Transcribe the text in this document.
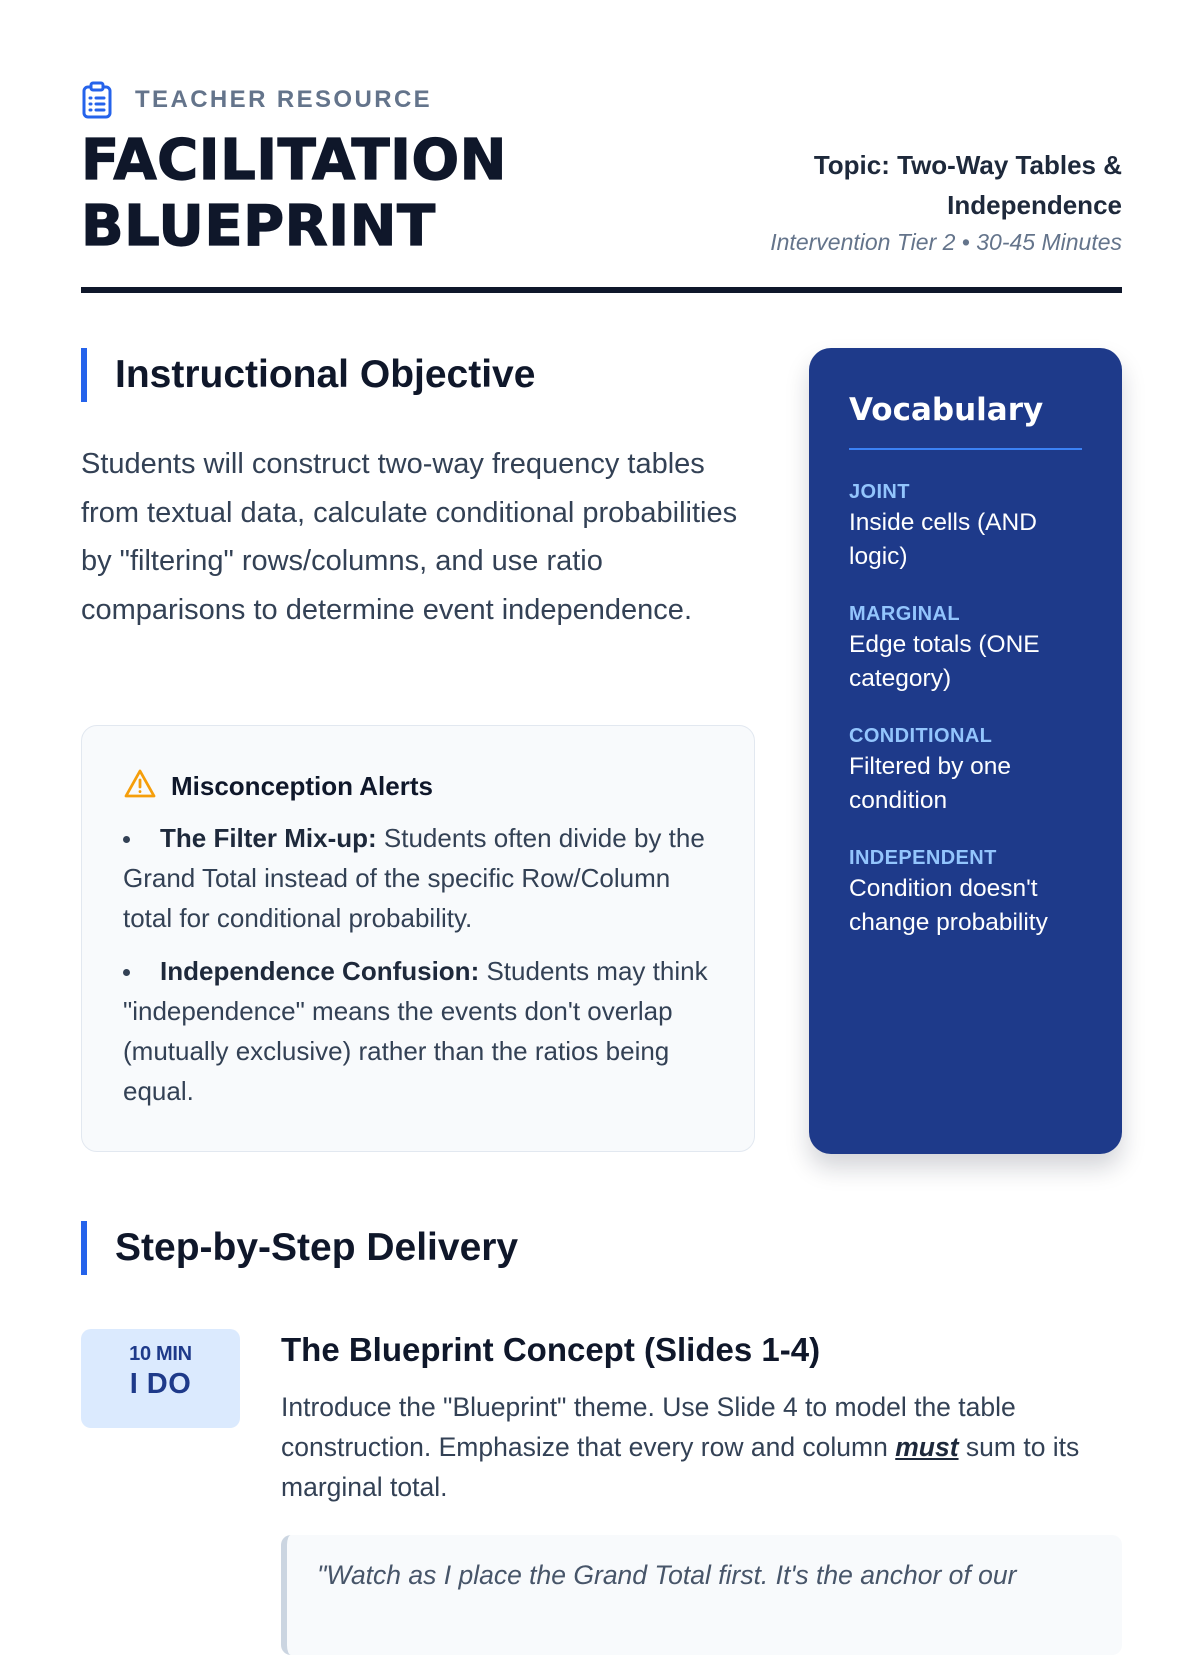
TEACHER RESOURCE
FACILITATION
BLUEPRINT
Topic: Two-Way Tables &
Independence
Intervention Tier 2 • 30-45 Minutes
Instructional Objective

Students will construct two-way frequency tables from textual data, calculate conditional probabilities by "filtering" rows/columns, and use ratio comparisons to determine event independence.

Misconception Alerts
The Filter Mix-up: Students often divide by the Grand Total instead of the specific Row/Column total for conditional probability.
Independence Confusion: Students may think "independence" means the events don't overlap (mutually exclusive) rather than the ratios being equal.
Vocabulary
JOINT
Inside cells (AND logic)
MARGINAL
Edge totals (ONE category)
CONDITIONAL
Filtered by one condition
INDEPENDENT
Condition doesn't change probability
Step-by-Step Delivery
10 MIN
I DO
The Blueprint Concept (Slides 1-4)

Introduce the "Blueprint" theme. Use Slide 4 to model the table construction. Emphasize that every row and column must sum to its marginal total.

"Watch as I place the Grand Total first. It's the anchor of our
